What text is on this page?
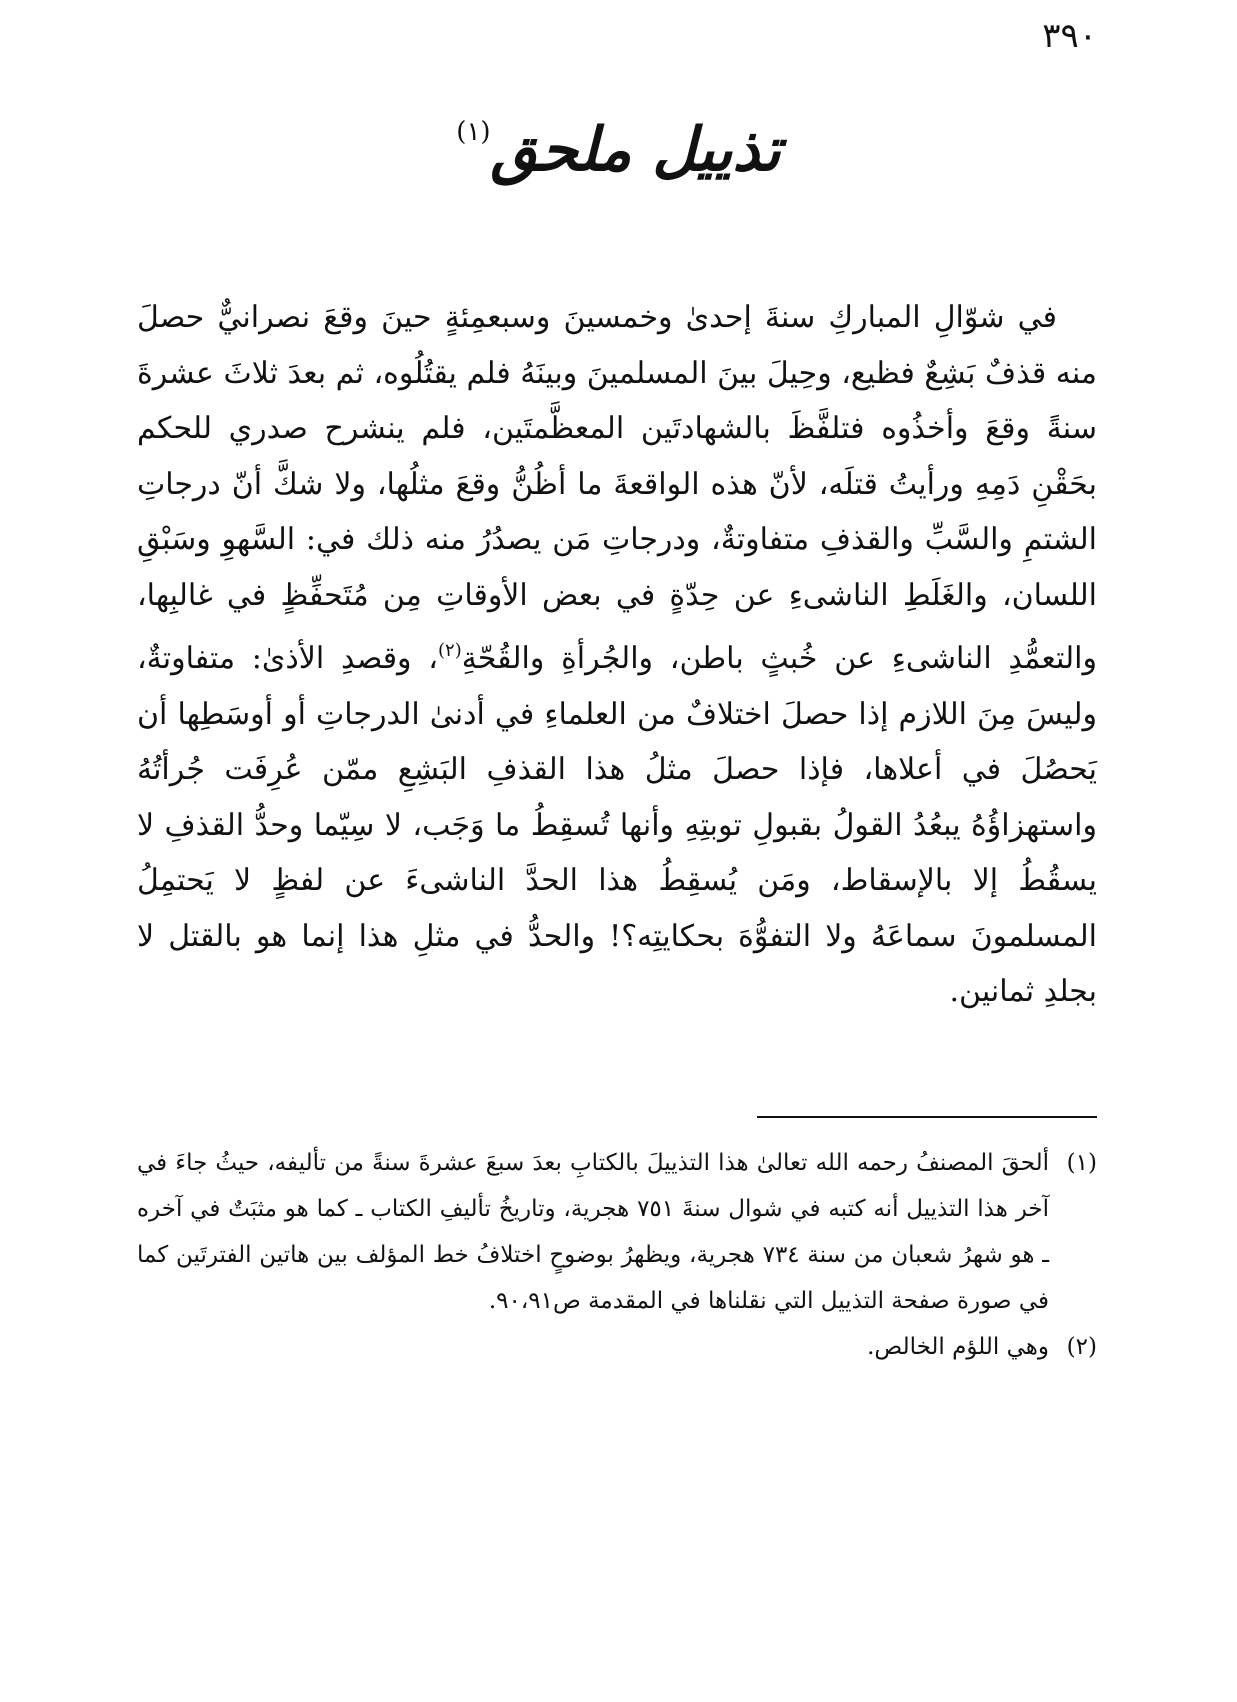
٣٩٠
تذييل ملحق$^{(١)}$

في شوّالِ المباركِ سنةَ إحدىٰ وخمسينَ وسبعمِئةٍ حينَ وقعَ نصرانيٌّ حصلَ منه قذفٌ بَشِعٌ فظيع، وحِيلَ بينَ المسلمينَ وبينَهُ فلم يقتُلُوه، ثم بعدَ ثلاثَ عشرةَ سنةً وقعَ وأخذُوه فتلفَّظَ بالشهادتَين المعظَّمتَين، فلم ينشرح صدري للحكم بحَقْنِ دَمِهِ ورأيتُ قتلَه، لأنّ هذه الواقعةَ ما أظُنُّ وقعَ مثلُها، ولا شكَّ أنّ درجاتِ الشتمِ والسَّبِّ والقذفِ متفاوتةٌ، ودرجاتِ مَن يصدُرُ منه ذلك في: السَّهوِ وسَبْقِ اللسان، والغَلَطِ الناشىءِ عن حِدّةٍ في بعض الأوقاتِ مِن مُتَحفِّظٍ في غالبِها، والتعمُّدِ الناشىءِ عن خُبثٍ باطن، والجُرأةِ والقُحّةِ$^{(٢)}$، وقصدِ الأذىٰ: متفاوتةٌ، وليسَ مِنَ اللازم إذا حصلَ اختلافٌ من العلماءِ في أدنىٰ الدرجاتِ أو أوسَطِها أن يَحصُلَ في أعلاها، فإذا حصلَ مثلُ هذا القذفِ البَشِعِ ممّن عُرِفَت جُرأتُهُ واستهزاؤُهُ يبعُدُ القولُ بقبولِ توبتِهِ وأنها تُسقِطُ ما وَجَب، لا سِيّما وحدُّ القذفِ لا يسقُطُ إلا بالإسقاط، ومَن يُسقِطُ هذا الحدَّ الناشىءَ عن لفظٍ لا يَحتمِلُ المسلمونَ سماعَهُ ولا التفوُّهَ بحكايتِه؟! والحدُّ في مثلِ هذا إنما هو بالقتل لا بجلدِ ثمانين.

(١)
ألحقَ المصنفُ رحمه الله تعالىٰ هذا التذييلَ بالكتابِ بعدَ سبعَ عشرةَ سنةً من تأليفه، حيثُ جاءَ في آخر هذا التذييل أنه كتبه في شوال سنةَ ٧٥١ هجرية، وتاريخُ تأليفِ الكتاب ـ كما هو مثبَتٌ في آخره ـ هو شهرُ شعبان من سنة ٧٣٤ هجرية، ويظهرُ بوضوحٍ اختلافُ خط المؤلف بين هاتين الفترتَين كما في صورة صفحة التذييل التي نقلناها في المقدمة ص٩٠،٩١.

(٢)
وهي اللؤم الخالص.
